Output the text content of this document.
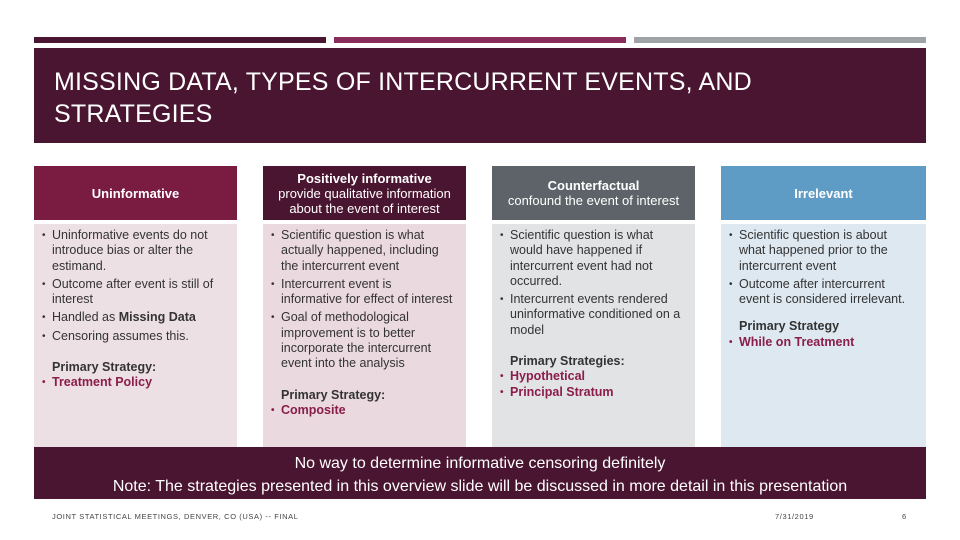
MISSING DATA, TYPES OF INTERCURRENT EVENTS, AND STRATEGIES
Uninformative
• Uninformative events do not introduce bias or alter the estimand.
• Outcome after event is still of interest
• Handled as Missing Data
• Censoring assumes this.
Primary Strategy:
• Treatment Policy
Positively informative
provide qualitative information about the event of interest
• Scientific question is what actually happened, including the intercurrent event
• Intercurrent event is informative for effect of interest
• Goal of methodological improvement is to better incorporate the intercurrent event into the analysis
Primary Strategy:
• Composite
Counterfactual
confound the event of interest
• Scientific question is what would have happened if intercurrent event had not occurred.
• Intercurrent events rendered uninformative conditioned on a model
Primary Strategies:
• Hypothetical
• Principal Stratum
Irrelevant
• Scientific question is about what happened prior to the intercurrent event
• Outcome after intercurrent event is considered irrelevant.
Primary Strategy
• While on Treatment
No way to determine informative censoring definitely
Note: The strategies presented in this overview slide will be discussed in more detail in this presentation
JOINT STATISTICAL MEETINGS, DENVER, CO (USA) -- FINAL	7/31/2019	6
